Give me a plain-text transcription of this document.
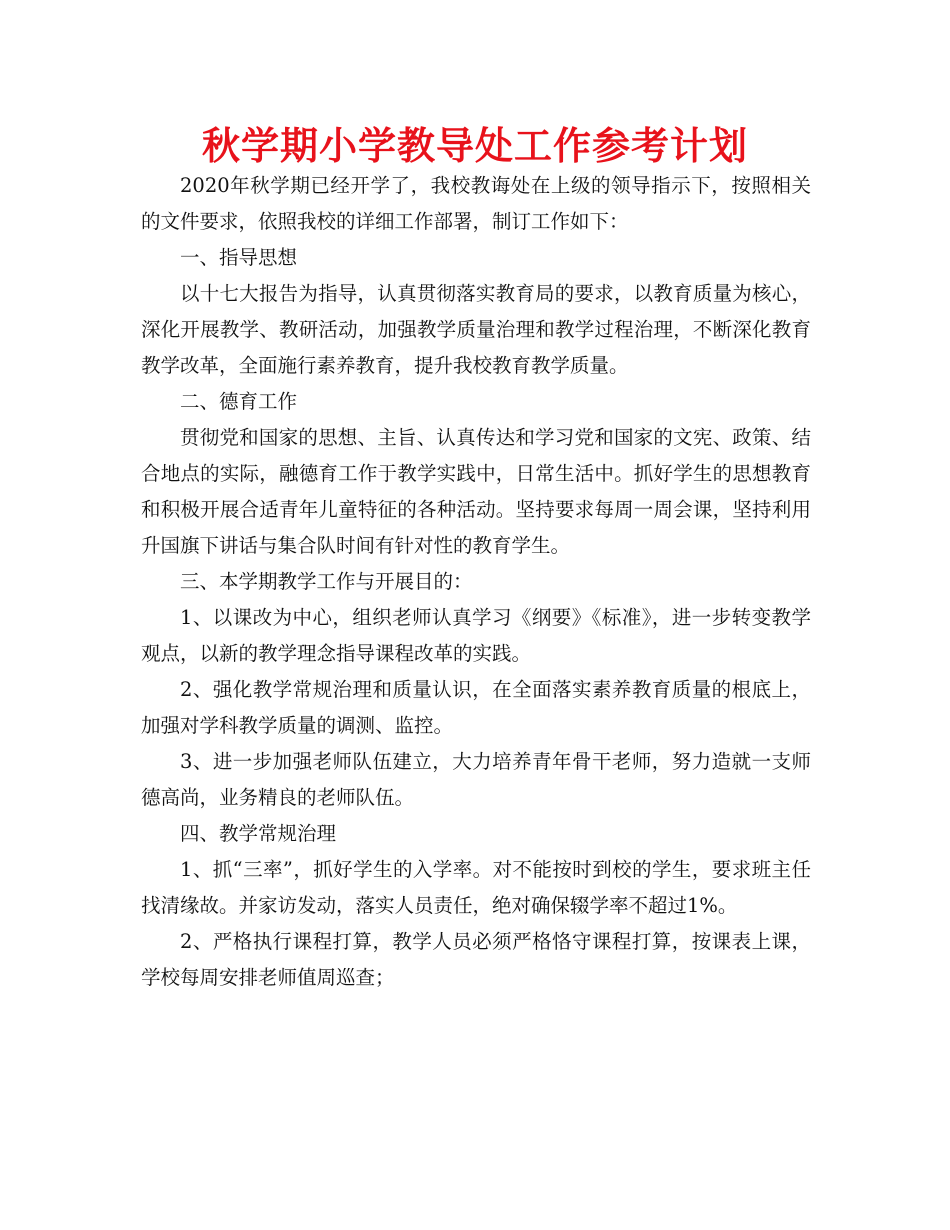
秋学期小学教导处工作参考计划

2020年秋学期已经开学了，我校教诲处在上级的领导指示下，按照相关的文件要求，依照我校的详细工作部署，制订工作如下：

一、指导思想

以十七大报告为指导，认真贯彻落实教育局的要求，以教育质量为核心，深化开展教学、教研活动，加强教学质量治理和教学过程治理，不断深化教育教学改革，全面施行素养教育，提升我校教育教学质量。

二、德育工作

贯彻党和国家的思想、主旨、认真传达和学习党和国家的文宪、政策、结合地点的实际，融德育工作于教学实践中，日常生活中。抓好学生的思想教育和积极开展合适青年儿童特征的各种活动。坚持要求每周一周会课，坚持利用升国旗下讲话与集合队时间有针对性的教育学生。

三、本学期教学工作与开展目的：

1、以课改为中心，组织老师认真学习《纲要》《标准》，进一步转变教学观点，以新的教学理念指导课程改革的实践。

2、强化教学常规治理和质量认识，在全面落实素养教育质量的根底上，加强对学科教学质量的调测、监控。

3、进一步加强老师队伍建立，大力培养青年骨干老师，努力造就一支师德高尚，业务精良的老师队伍。

四、教学常规治理

1、抓“三率”，抓好学生的入学率。对不能按时到校的学生，要求班主任找清缘故。并家访发动，落实人员责任，绝对确保辍学率不超过1%。

2、严格执行课程打算，教学人员必须严格恪守课程打算，按课表上课，学校每周安排老师值周巡查；
